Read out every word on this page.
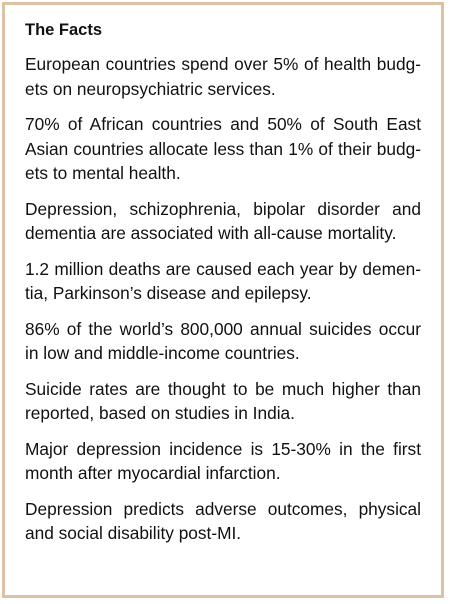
The Facts

European countries spend over 5% of health budgets on neuropsychiatric services.

70% of African countries and 50% of South East Asian countries allocate less than 1% of their budgets to mental health.

Depression, schizophrenia, bipolar disorder and dementia are associated with all-cause mortality.

1.2 million deaths are caused each year by dementia, Parkinson’s disease and epilepsy.

86% of the world’s 800,000 annual suicides occur in low and middle-income countries.

Suicide rates are thought to be much higher than reported, based on studies in India.

Major depression incidence is 15-30% in the first month after myocardial infarction.

Depression predicts adverse outcomes, physical and social disability post-MI.
